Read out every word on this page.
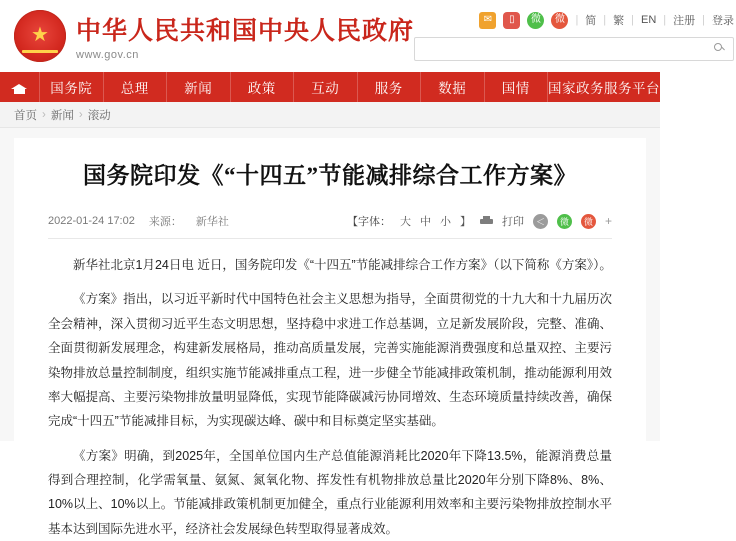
★
中华人民共和国中央人民政府
www.gov.cn
✉	▯	微	微 | 简 | 繁 | EN | 注册 | 登录
国务院	总理	新闻	政策	互动	服务	数据	国情	国家政务服务平台
首页 › 新闻 › 滚动
国务院印发《“十四五”节能减排综合工作方案》
2022-01-24 17:02 来源： 新华社	【字体： 大 中 小 】	打印	＜	微	微 +

新华社北京1月24日电 近日，国务院印发《“十四五”节能减排综合工作方案》（以下简称《方案》）。

《方案》指出，以习近平新时代中国特色社会主义思想为指导，全面贯彻党的十九大和十九届历次全会精神，深入贯彻习近平生态文明思想，坚持稳中求进工作总基调，立足新发展阶段，完整、准确、全面贯彻新发展理念，构建新发展格局，推动高质量发展，完善实施能源消费强度和总量双控、主要污染物排放总量控制制度，组织实施节能减排重点工程，进一步健全节能减排政策机制，推动能源利用效率大幅提高、主要污染物排放量明显降低，实现节能降碳减污协同增效、生态环境质量持续改善，确保完成“十四五”节能减排目标，为实现碳达峰、碳中和目标奠定坚实基础。

《方案》明确，到2025年，全国单位国内生产总值能源消耗比2020年下降13.5%，能源消费总量得到合理控制，化学需氧量、氨氮、氮氧化物、挥发性有机物排放总量比2020年分别下降8%、8%、10%以上、10%以上。节能减排政策机制更加健全，重点行业能源利用效率和主要污染物排放控制水平基本达到国际先进水平，经济社会发展绿色转型取得显著成效。
